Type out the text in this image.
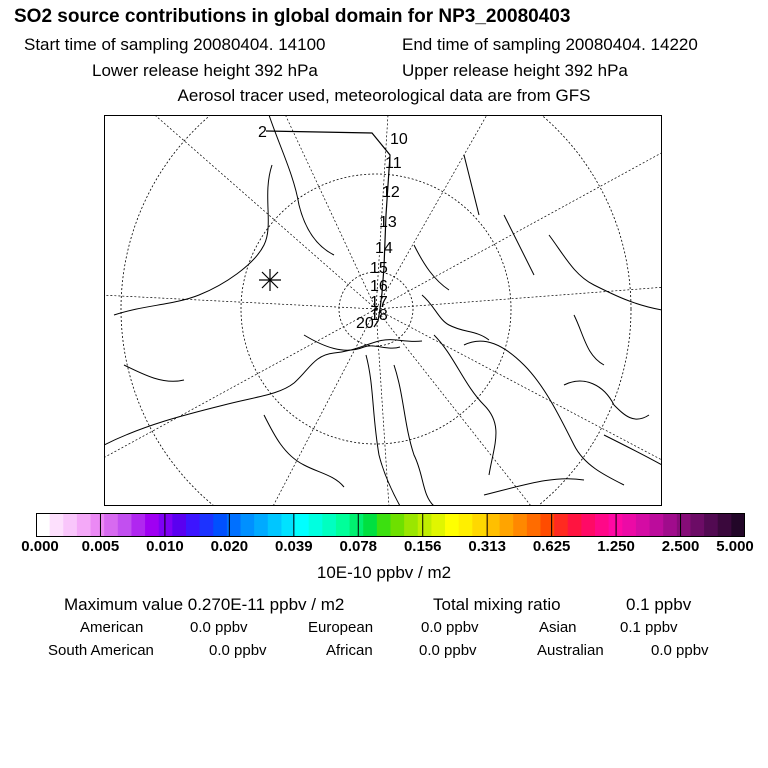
SO2 source contributions in global domain for NP3_20080403
Start time of sampling 20080404. 14100	End time of sampling 20080404. 14220
Lower release height 392 hPa	Upper release height 392 hPa
Aerosol tracer used, meteorological data are from GFS
2	10
11
12
13
14
15
16
17
18
20
0.000 0.005 0.010 0.020 0.039 0.078 0.156 0.313 0.625 1.250 2.500 5.000
10E-10 ppbv / m2
Maximum value 0.270E-11 ppbv / m2	Total mixing ratio	0.1 ppbv
American	0.0 ppbv	European	0.0 ppbv	Asian	0.1 ppbv
South American	0.0 ppbv	African	0.0 ppbv	Australian	0.0 ppbv
